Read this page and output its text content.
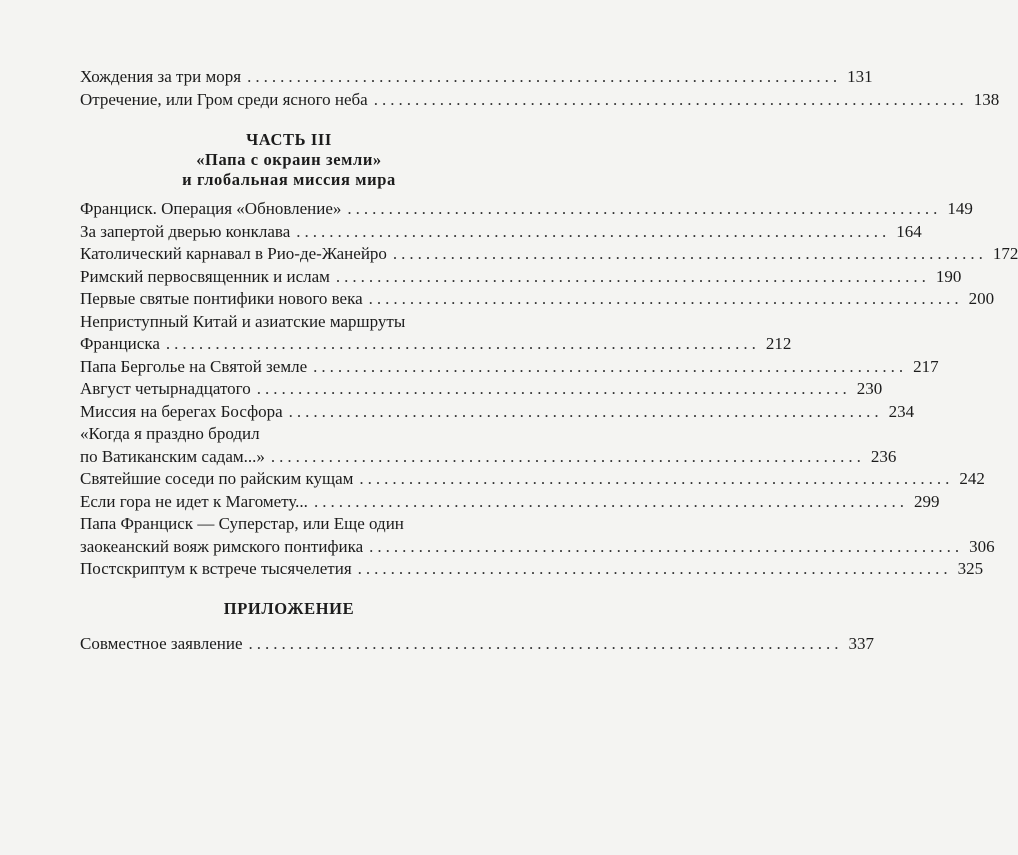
Хождения за три моря ........................................................................ 131
Отречение, или Гром среди ясного неба ........................................................................ 138
ЧАСТЬ III
«Папа с окраин земли»
и глобальная миссия мира
Франциск. Операция «Обновление» ........................................................................ 149
За запертой дверью конклава ........................................................................ 164
Католический карнавал в Рио-де-Жанейро ........................................................................ 172
Римский первосвященник и ислам ........................................................................ 190
Первые святые понтифики нового века ........................................................................ 200
Неприступный Китай и азиатские маршруты
Франциска ........................................................................ 212
Папа Берголье на Святой земле ........................................................................ 217
Август четырнадцатого ........................................................................ 230
Миссия на берегах Босфора ........................................................................ 234
«Когда я праздно бродил
по Ватиканским садам...» ........................................................................ 236
Святейшие соседи по райским кущам ........................................................................ 242
Если гора не идет к Магомету... ........................................................................ 299
Папа Франциск — Суперстар, или Еще один
заокеанский вояж римского понтифика ........................................................................ 306
Постскриптум к встрече тысячелетия ........................................................................ 325
ПРИЛОЖЕНИЕ
Совместное заявление ........................................................................ 337
